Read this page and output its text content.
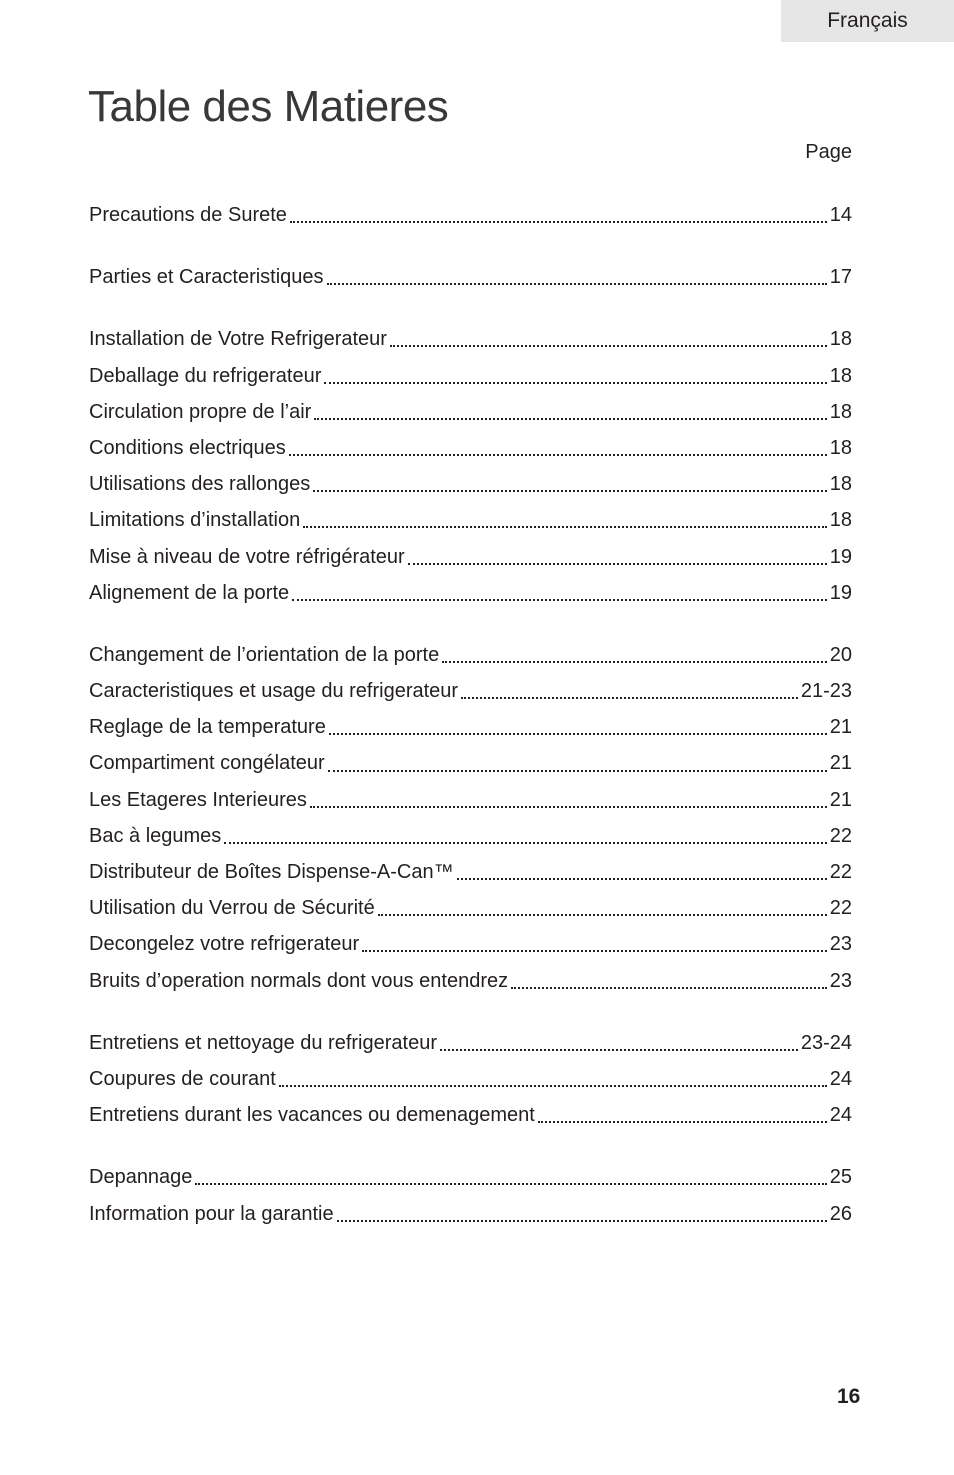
Français
Table des Matieres
Page
Precautions de Surete	14
Parties et Caracteristiques	17
Installation de Votre Refrigerateur	18
Deballage du refrigerateur	18
Circulation propre de l’air	18
Conditions electriques	18
Utilisations des rallonges	18
Limitations d’installation	18
Mise à niveau de votre réfrigérateur	19
Alignement de la porte	19
Changement de l’orientation de la porte	20
Caracteristiques et usage du refrigerateur	21-23
Reglage de la temperature	21
Compartiment congélateur	21
Les Etageres Interieures	21
Bac à legumes	22
Distributeur de Boîtes Dispense-A-Can™	22
Utilisation du Verrou de Sécurité	22
Decongelez votre refrigerateur	23
Bruits d’operation normals dont vous entendrez	23
Entretiens et nettoyage du refrigerateur	23-24
Coupures de courant	24
Entretiens durant les vacances ou demenagement	24
Depannage	25
Information pour la garantie	26
16
